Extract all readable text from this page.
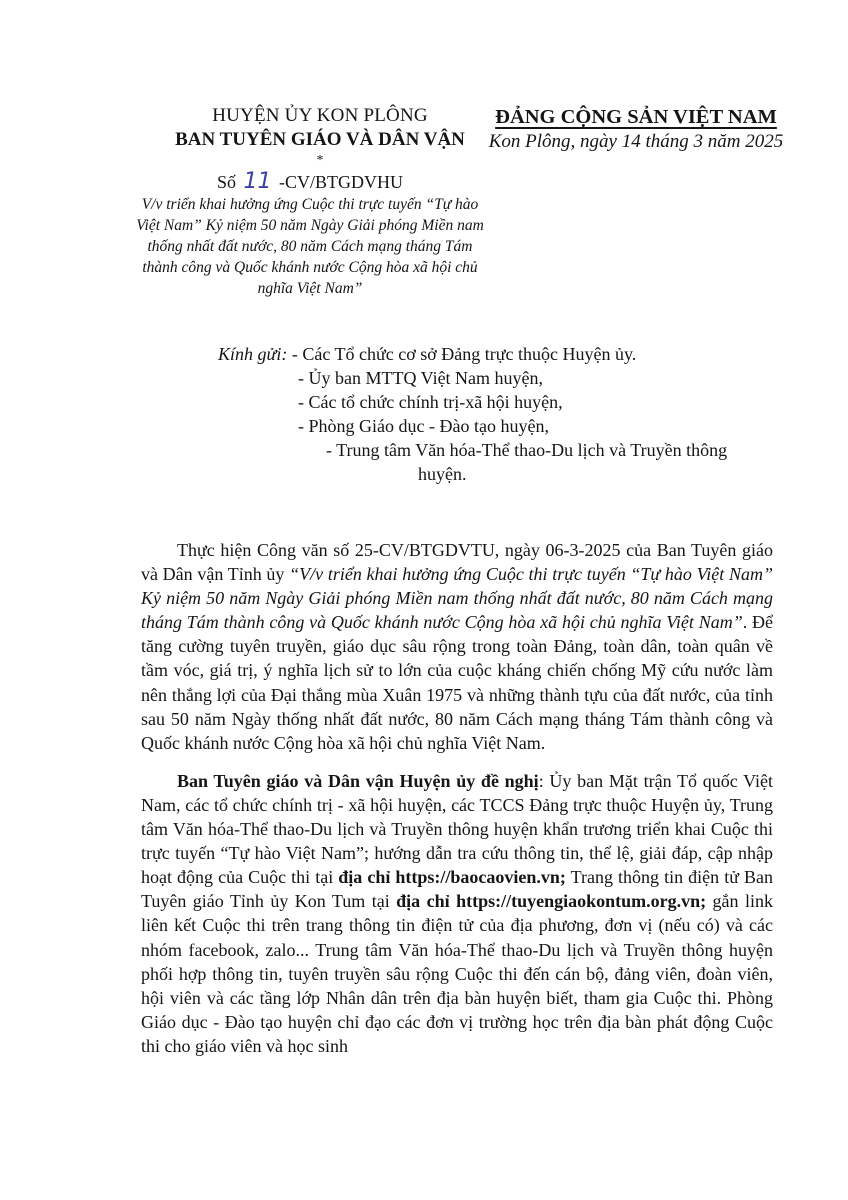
HUYỆN ỦY KON PLÔNG
BAN TUYÊN GIÁO VÀ DÂN VẬN
*
ĐẢNG CỘNG SẢN VIỆT NAM
Kon Plông, ngày 14 tháng 3 năm 2025
Số 11 -CV/BTGDVHU
V/v triển khai hưởng ứng Cuộc thi trực tuyến “Tự hào Việt Nam” Kỷ niệm 50 năm Ngày Giải phóng Miền nam thống nhất đất nước, 80 năm Cách mạng tháng Tám thành công và Quốc khánh nước Cộng hòa xã hội chủ nghĩa Việt Nam”
Kính gửi: - Các Tổ chức cơ sở Đảng trực thuộc Huyện ủy.
- Ủy ban MTTQ Việt Nam huyện,
- Các tổ chức chính trị-xã hội huyện,
- Phòng Giáo dục - Đào tạo huyện,
- Trung tâm Văn hóa-Thể thao-Du lịch và Truyền thông
huyện.

Thực hiện Công văn số 25-CV/BTGDVTU, ngày 06-3-2025 của Ban Tuyên giáo và Dân vận Tỉnh ủy “V/v triển khai hưởng ứng Cuộc thi trực tuyến “Tự hào Việt Nam” Kỷ niệm 50 năm Ngày Giải phóng Miền nam thống nhất đất nước, 80 năm Cách mạng tháng Tám thành công và Quốc khánh nước Cộng hòa xã hội chủ nghĩa Việt Nam”. Để tăng cường tuyên truyền, giáo dục sâu rộng trong toàn Đảng, toàn dân, toàn quân về tầm vóc, giá trị, ý nghĩa lịch sử to lớn của cuộc kháng chiến chống Mỹ cứu nước làm nên thắng lợi của Đại thắng mùa Xuân 1975 và những thành tựu của đất nước, của tỉnh sau 50 năm Ngày thống nhất đất nước, 80 năm Cách mạng tháng Tám thành công và Quốc khánh nước Cộng hòa xã hội chủ nghĩa Việt Nam.

Ban Tuyên giáo và Dân vận Huyện ủy đề nghị: Ủy ban Mặt trận Tổ quốc Việt Nam, các tổ chức chính trị - xã hội huyện, các TCCS Đảng trực thuộc Huyện ủy, Trung tâm Văn hóa-Thể thao-Du lịch và Truyền thông huyện khẩn trương triển khai Cuộc thi trực tuyến “Tự hào Việt Nam”; hướng dẫn tra cứu thông tin, thể lệ, giải đáp, cập nhập hoạt động của Cuộc thi tại địa chỉ https://baocaovien.vn; Trang thông tin điện tử Ban Tuyên giáo Tỉnh ủy Kon Tum tại địa chỉ https://tuyengiaokontum.org.vn; gắn link liên kết Cuộc thi trên trang thông tin điện tử của địa phương, đơn vị (nếu có) và các nhóm facebook, zalo... Trung tâm Văn hóa-Thể thao-Du lịch và Truyền thông huyện phối hợp thông tin, tuyên truyền sâu rộng Cuộc thi đến cán bộ, đảng viên, đoàn viên, hội viên và các tầng lớp Nhân dân trên địa bàn huyện biết, tham gia Cuộc thi. Phòng Giáo dục - Đào tạo huyện chỉ đạo các đơn vị trường học trên địa bàn phát động Cuộc thi cho giáo viên và học sinh
